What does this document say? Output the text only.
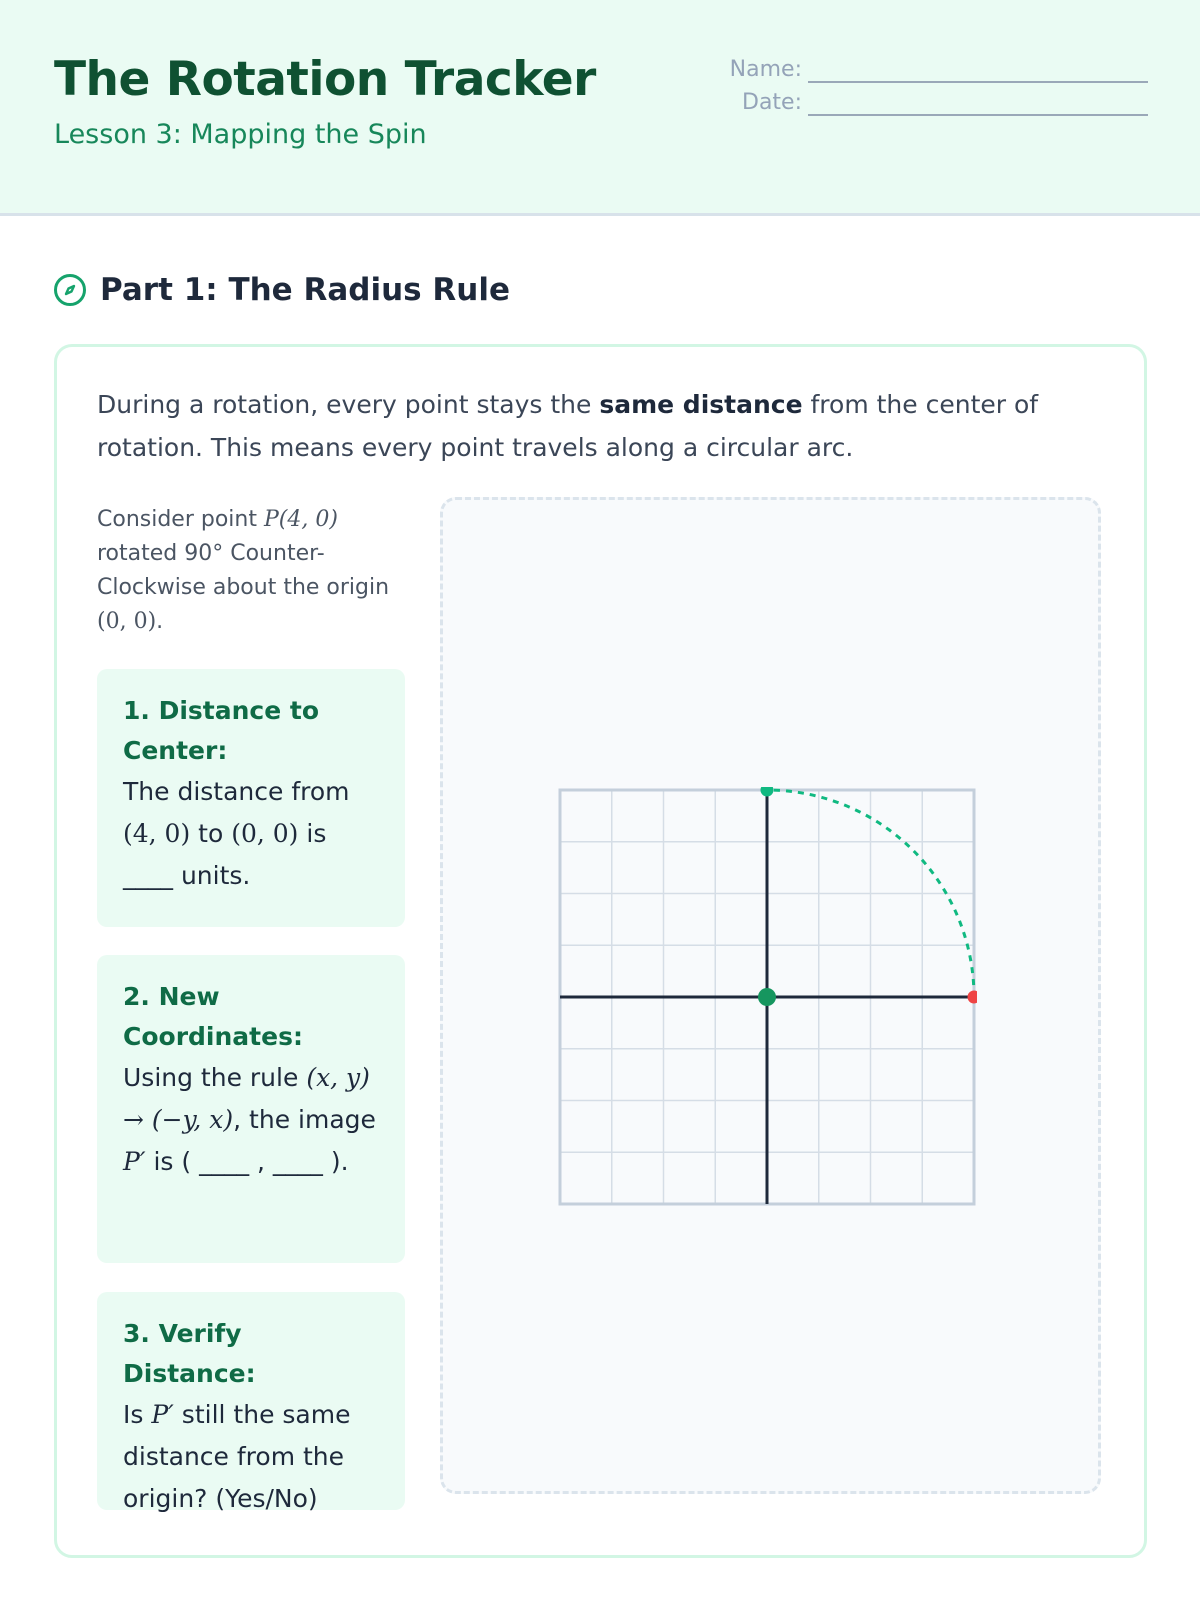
The Rotation Tracker
Lesson 3: Mapping the Spin
Name:
Date:
Part 1: The Radius Rule

During a rotation, every point stays the same distance from the center of rotation. This means every point travels along a circular arc.

Consider point P(4, 0) rotated 90° Counter-Clockwise about the origin (0, 0).

1. Distance to Center:
The distance from (4, 0) to (0, 0) is ____ units.
2. New Coordinates:
Using the rule (x, y) → (−y, x), the image P′ is ( ____ , ____ ).
3. Verify Distance:
Is P′ still the same distance from the origin? (Yes/No)
